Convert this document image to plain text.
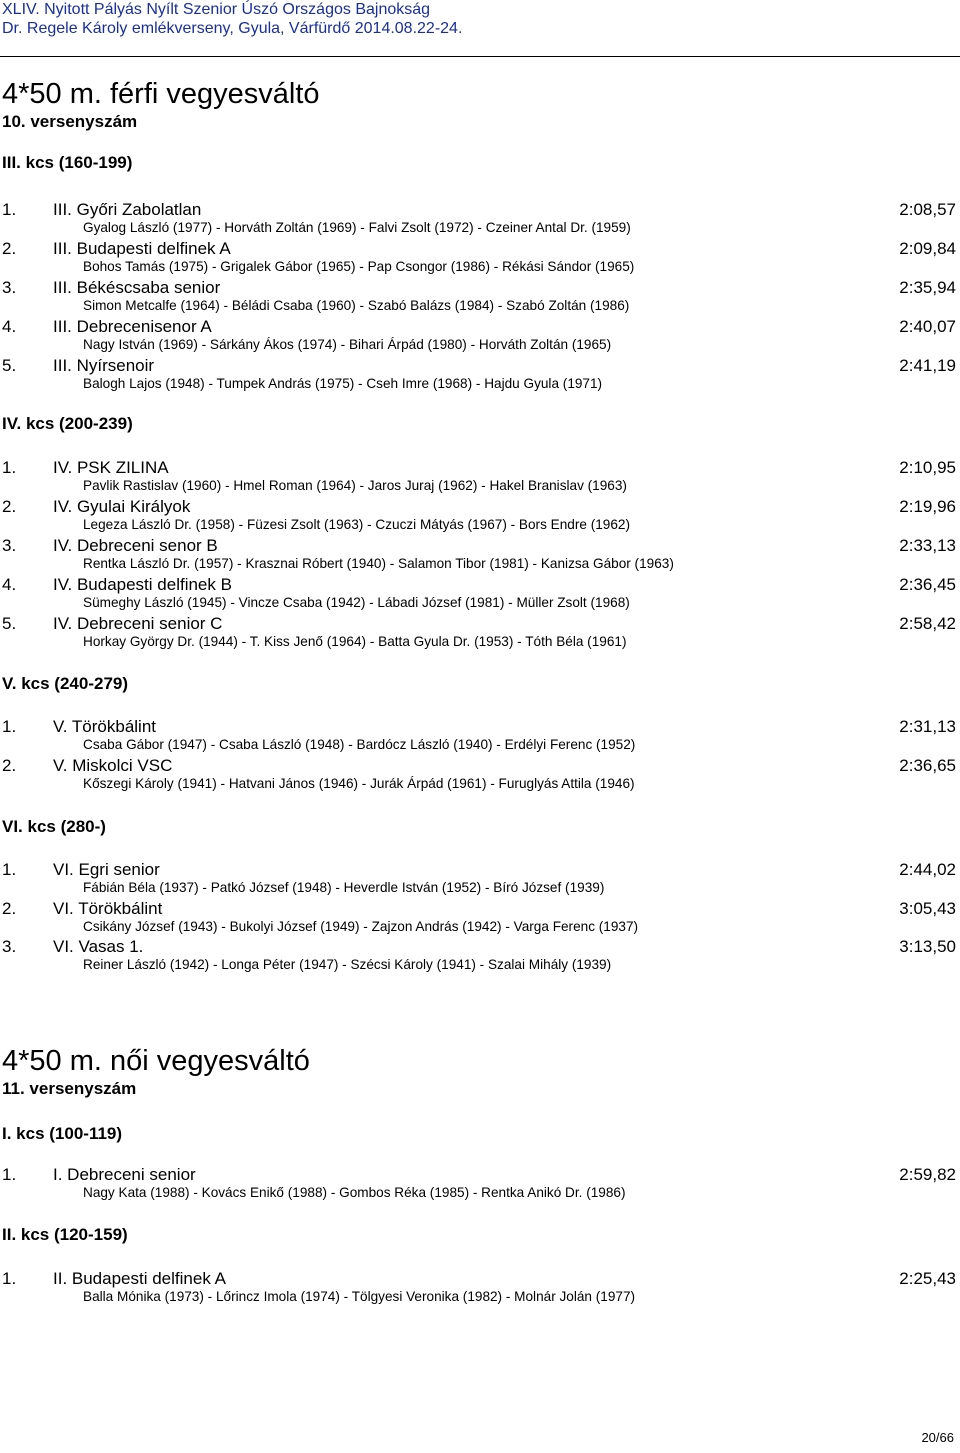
XLIV. Nyitott Pályás Nyílt Szenior Úszó Országos Bajnokság
Dr. Regele Károly emlékverseny, Gyula, Várfürdő 2014.08.22-24.
4*50 m. férfi vegyesváltó
10. versenyszám
III. kcs (160-199)
1. III. Győri Zabolatlan	2:08,57
Gyalog László (1977) - Horváth Zoltán (1969) - Falvi Zsolt (1972) - Czeiner Antal Dr. (1959)
2. III. Budapesti delfinek A	2:09,84
Bohos Tamás (1975) - Grigalek Gábor (1965) - Pap Csongor (1986) - Rékási Sándor (1965)
3. III. Békéscsaba senior	2:35,94
Simon Metcalfe (1964) - Béládi Csaba (1960) - Szabó Balázs (1984) - Szabó Zoltán (1986)
4. III. Debrecenisenor A	2:40,07
Nagy István (1969) - Sárkány Ákos (1974) - Bihari Árpád (1980) - Horváth Zoltán (1965)
5. III. Nyírsenoir	2:41,19
Balogh Lajos (1948) - Tumpek András (1975) - Cseh Imre (1968) - Hajdu Gyula (1971)
IV. kcs (200-239)
1. IV. PSK ZILINA	2:10,95
Pavlik Rastislav (1960) - Hmel Roman (1964) - Jaros Juraj (1962) - Hakel Branislav (1963)
2. IV. Gyulai Királyok	2:19,96
Legeza László Dr. (1958) - Füzesi Zsolt (1963) - Czuczi Mátyás (1967) - Bors Endre (1962)
3. IV. Debreceni senor B	2:33,13
Rentka László Dr. (1957) - Krasznai Róbert (1940) - Salamon Tibor (1981) - Kanizsa Gábor (1963)
4. IV. Budapesti delfinek B	2:36,45
Sümeghy László (1945) - Vincze Csaba (1942) - Lábadi József (1981) - Müller Zsolt (1968)
5. IV. Debreceni senior C	2:58,42
Horkay György Dr. (1944) - T. Kiss Jenő (1964) - Batta Gyula Dr. (1953) - Tóth Béla (1961)
V. kcs (240-279)
1. V. Törökbálint	2:31,13
Csaba Gábor (1947) - Csaba László (1948) - Bardócz László (1940) - Erdélyi Ferenc (1952)
2. V. Miskolci VSC	2:36,65
Kőszegi Károly (1941) - Hatvani János (1946) - Jurák Árpád (1961) - Furuglyás Attila (1946)
VI. kcs (280-)
1. VI. Egri senior	2:44,02
Fábián Béla (1937) - Patkó József (1948) - Heverdle István (1952) - Bíró József (1939)
2. VI. Törökbálint	3:05,43
Csikány József (1943) - Bukolyi József (1949) - Zajzon András (1942) - Varga Ferenc (1937)
3. VI. Vasas 1.	3:13,50
Reiner László (1942) - Longa Péter (1947) - Szécsi Károly (1941) - Szalai Mihály (1939)
4*50 m. női vegyesváltó
11. versenyszám
I. kcs (100-119)
1. I. Debreceni senior	2:59,82
Nagy Kata (1988) - Kovács Enikő (1988) - Gombos Réka (1985) - Rentka Anikó Dr. (1986)
II. kcs (120-159)
1. II. Budapesti delfinek A	2:25,43
Balla Mónika (1973) - Lőrincz Imola (1974) - Tölgyesi Veronika (1982) - Molnár Jolán (1977)
20/66
